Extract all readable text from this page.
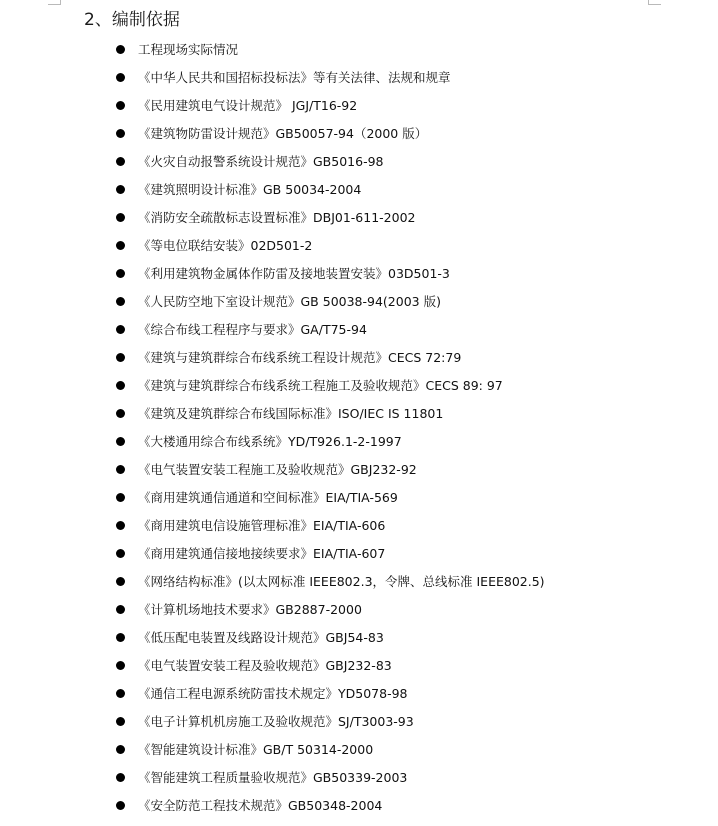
2、编制依据
工程现场实际情况
《中华人民共和国招标投标法》等有关法律、法规和规章
《民用建筑电气设计规范》 JGJ/T16-92
《建筑物防雷设计规范》GB50057-94（2000 版）
《火灾自动报警系统设计规范》GB5016-98
《建筑照明设计标准》GB 50034-2004
《消防安全疏散标志设置标准》DBJ01-611-2002
《等电位联结安装》02D501-2
《利用建筑物金属体作防雷及接地装置安装》03D501-3
《人民防空地下室设计规范》GB 50038-94(2003 版)
《综合布线工程程序与要求》GA/T75-94
《建筑与建筑群综合布线系统工程设计规范》CECS 72:79
《建筑与建筑群综合布线系统工程施工及验收规范》CECS 89: 97
《建筑及建筑群综合布线国际标准》ISO/IEC IS 11801
《大楼通用综合布线系统》YD/T926.1-2-1997
《电气装置安装工程施工及验收规范》GBJ232-92
《商用建筑通信通道和空间标准》EIA/TIA-569
《商用建筑电信设施管理标准》EIA/TIA-606
《商用建筑通信接地接续要求》EIA/TIA-607
《网络结构标准》(以太网标准 IEEE802.3，令牌、总线标准 IEEE802.5)
《计算机场地技术要求》GB2887-2000
《低压配电装置及线路设计规范》GBJ54-83
《电气装置安装工程及验收规范》GBJ232-83
《通信工程电源系统防雷技术规定》YD5078-98
《电子计算机机房施工及验收规范》SJ/T3003-93
《智能建筑设计标准》GB/T 50314-2000
《智能建筑工程质量验收规范》GB50339-2003
《安全防范工程技术规范》GB50348-2004
